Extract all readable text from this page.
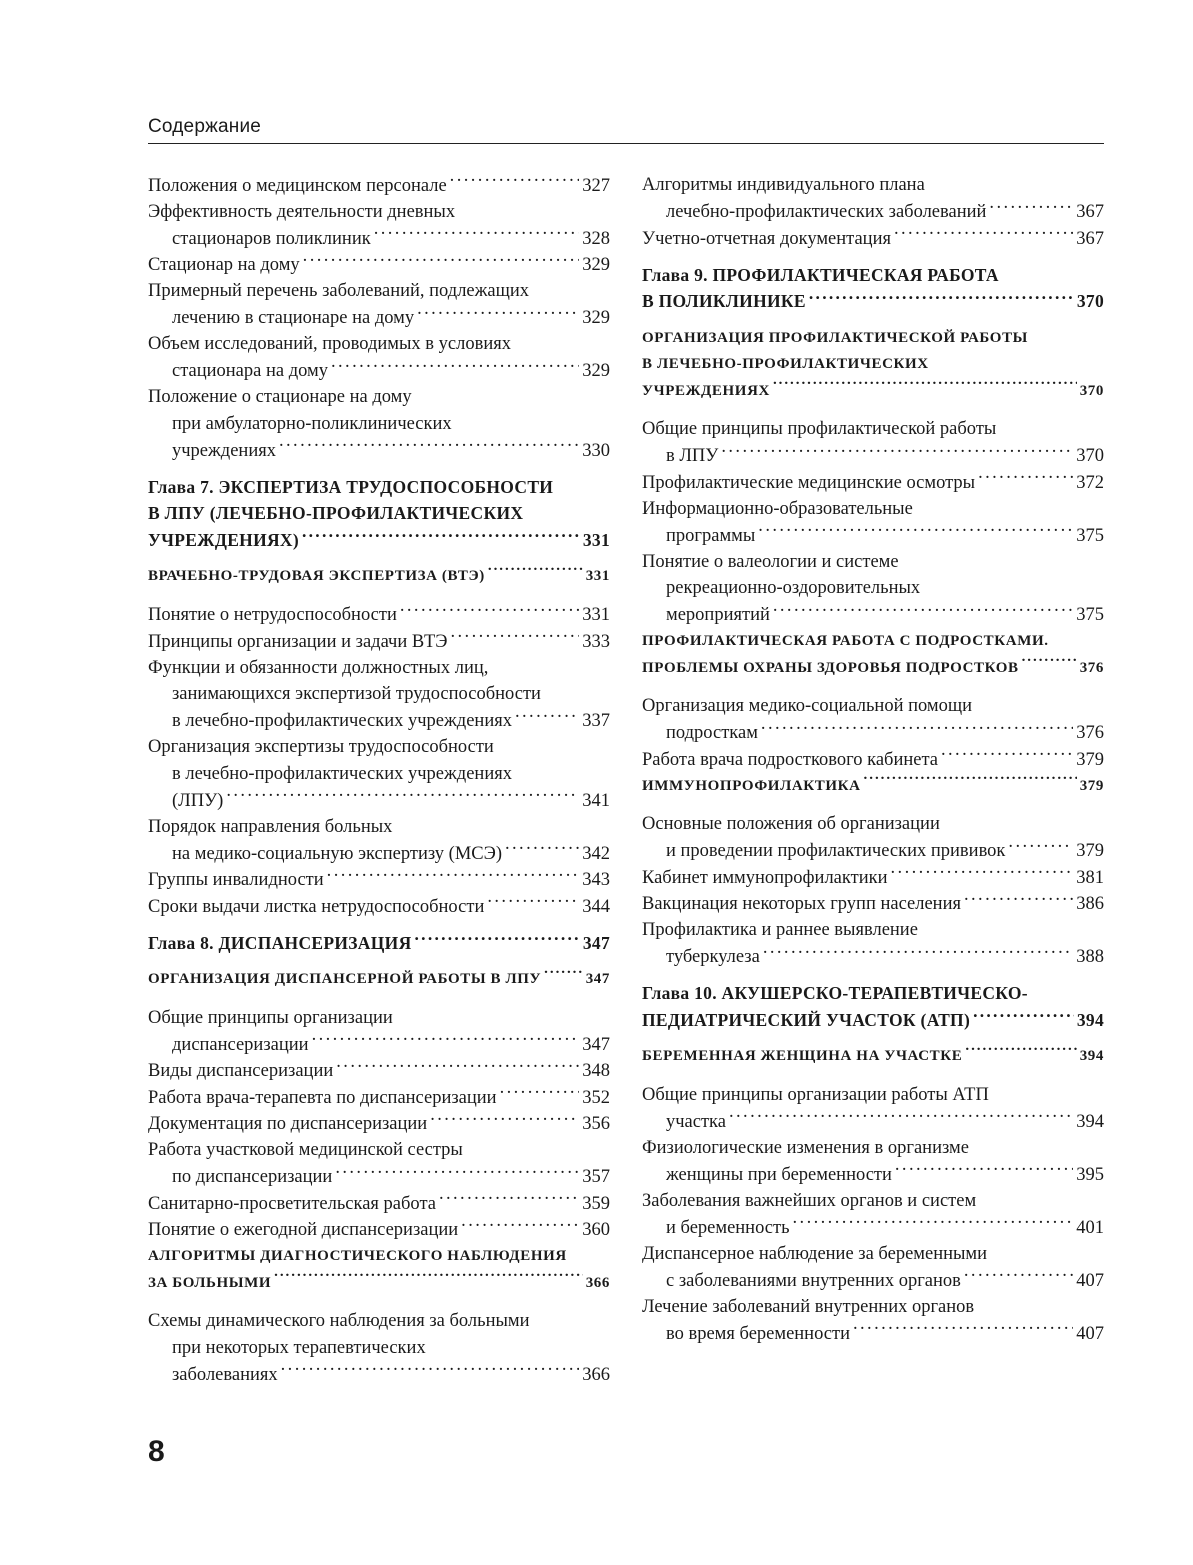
Содержание
Положения о медицинском персонале . . .	327
Эффективность деятельности дневных
стационаров поликлиник . . .	328
Стационар на дому . . .	329
Примерный перечень заболеваний, подлежащих
лечению в стационаре на дому . . .	329
Объем исследований, проводимых в условиях
стационара на дому . . .	329
Положение о стационаре на дому
при амбулаторно-поликлинических
учреждениях . . .	330
Глава 7. ЭКСПЕРТИЗА ТРУДОСПОСОБНОСТИ
В ЛПУ (ЛЕЧЕБНО-ПРОФИЛАКТИЧЕСКИХ
УЧРЕЖДЕНИЯХ) . . .	331
ВРАЧЕБНО-ТРУДОВАЯ ЭКСПЕРТИЗА (ВТЭ) . . .	331
Понятие о нетрудоспособности . . .	331
Принципы организации и задачи ВТЭ . . .	333
Функции и обязанности должностных лиц,
занимающихся экспертизой трудоспособности
в лечебно-профилактических учреждениях . . .	337
Организация экспертизы трудоспособности
в лечебно-профилактических учреждениях
(ЛПУ) . . .	341
Порядок направления больных
на медико-социальную экспертизу (МСЭ) . . .	342
Группы инвалидности . . .	343
Сроки выдачи листка нетрудоспособности . . .	344
Глава 8. ДИСПАНСЕРИЗАЦИЯ . . .	347
ОРГАНИЗАЦИЯ ДИСПАНСЕРНОЙ РАБОТЫ В ЛПУ . . .	347
Общие принципы организации
диспансеризации . . .	347
Виды диспансеризации . . .	348
Работа врача-терапевта по диспансеризации . . .	352
Документация по диспансеризации . . .	356
Работа участковой медицинской сестры
по диспансеризации . . .	357
Санитарно-просветительская работа . . .	359
Понятие о ежегодной диспансеризации . . .	360
АЛГОРИТМЫ ДИАГНОСТИЧЕСКОГО НАБЛЮДЕНИЯ
ЗА БОЛЬНЫМИ . . .	366
Схемы динамического наблюдения за больными
при некоторых терапевтических
заболеваниях . . .	366
Алгоритмы индивидуального плана
лечебно-профилактических заболеваний . . .	367
Учетно-отчетная документация . . .	367
Глава 9. ПРОФИЛАКТИЧЕСКАЯ РАБОТА
В ПОЛИКЛИНИКЕ . . .	370
ОРГАНИЗАЦИЯ ПРОФИЛАКТИЧЕСКОЙ РАБОТЫ
В ЛЕЧЕБНО-ПРОФИЛАКТИЧЕСКИХ
УЧРЕЖДЕНИЯХ . . .	370
Общие принципы профилактической работы
в ЛПУ . . .	370
Профилактические медицинские осмотры . . .	372
Информационно-образовательные
программы . . .	375
Понятие о валеологии и системе
рекреационно-оздоровительных
мероприятий . . .	375
ПРОФИЛАКТИЧЕСКАЯ РАБОТА С ПОДРОСТКАМИ.
ПРОБЛЕМЫ ОХРАНЫ ЗДОРОВЬЯ ПОДРОСТКОВ . . .	376
Организация медико-социальной помощи
подросткам . . .	376
Работа врача подросткового кабинета . . .	379
ИММУНОПРОФИЛАКТИКА . . .	379
Основные положения об организации
и проведении профилактических прививок . . .	379
Кабинет иммунопрофилактики . . .	381
Вакцинация некоторых групп населения . . .	386
Профилактика и раннее выявление
туберкулеза . . .	388
Глава 10. АКУШЕРСКО-ТЕРАПЕВТИЧЕСКО-
ПЕДИАТРИЧЕСКИЙ УЧАСТОК (АТП) . . .	394
БЕРЕМЕННАЯ ЖЕНЩИНА НА УЧАСТКЕ . . .	394
Общие принципы организации работы АТП
участка . . .	394
Физиологические изменения в организме
женщины при беременности . . .	395
Заболевания важнейших органов и систем
и беременность . . .	401
Диспансерное наблюдение за беременными
с заболеваниями внутренних органов . . .	407
Лечение заболеваний внутренних органов
во время беременности . . .	407
8
